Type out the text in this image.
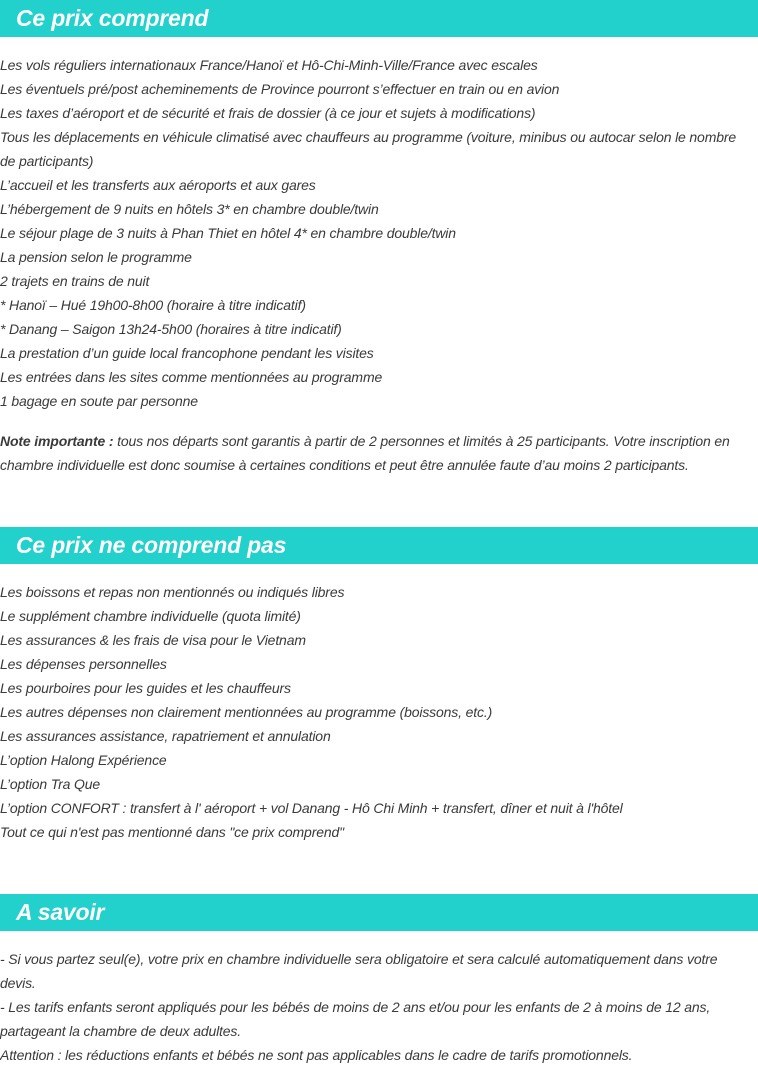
Ce prix comprend
Les vols réguliers internationaux France/Hanoï et Hô-Chi-Minh-Ville/France avec escales
Les éventuels pré/post acheminements de Province pourront s’effectuer en train ou en avion
Les taxes d’aéroport et de sécurité et frais de dossier (à ce jour et sujets à modifications)
Tous les déplacements en véhicule climatisé avec chauffeurs au programme (voiture, minibus ou autocar selon le nombre de participants)
L’accueil et les transferts aux aéroports et aux gares
L’hébergement de 9 nuits en hôtels 3* en chambre double/twin
Le séjour plage de 3 nuits à Phan Thiet en hôtel 4* en chambre double/twin
La pension selon le programme
2 trajets en trains de nuit
* Hanoï – Hué 19h00-8h00 (horaire à titre indicatif)
* Danang – Saigon 13h24-5h00 (horaires à titre indicatif)
La prestation d’un guide local francophone pendant les visites
Les entrées dans les sites comme mentionnées au programme
1 bagage en soute par personne
Note importante : tous nos départs sont garantis à partir de 2 personnes et limités à 25 participants. Votre inscription en chambre individuelle est donc soumise à certaines conditions et peut être annulée faute d’au moins 2 participants.
Ce prix ne comprend pas
Les boissons et repas non mentionnés ou indiqués libres
Le supplément chambre individuelle (quota limité)
Les assurances & les frais de visa pour le Vietnam
Les dépenses personnelles
Les pourboires pour les guides et les chauffeurs
Les autres dépenses non clairement mentionnées au programme (boissons, etc.)
Les assurances assistance, rapatriement et annulation
L’option Halong Expérience
L’option Tra Que
L’option CONFORT : transfert à l' aéroport + vol Danang - Hô Chi Minh + transfert, dîner et nuit à l'hôtel
Tout ce qui n'est pas mentionné dans "ce prix comprend"
A savoir
- Si vous partez seul(e), votre prix en chambre individuelle sera obligatoire et sera calculé automatiquement dans votre devis.
- Les tarifs enfants seront appliqués pour les bébés de moins de 2 ans et/ou pour les enfants de 2 à moins de 12 ans, partageant la chambre de deux adultes.
Attention : les réductions enfants et bébés ne sont pas applicables dans le cadre de tarifs promotionnels.
